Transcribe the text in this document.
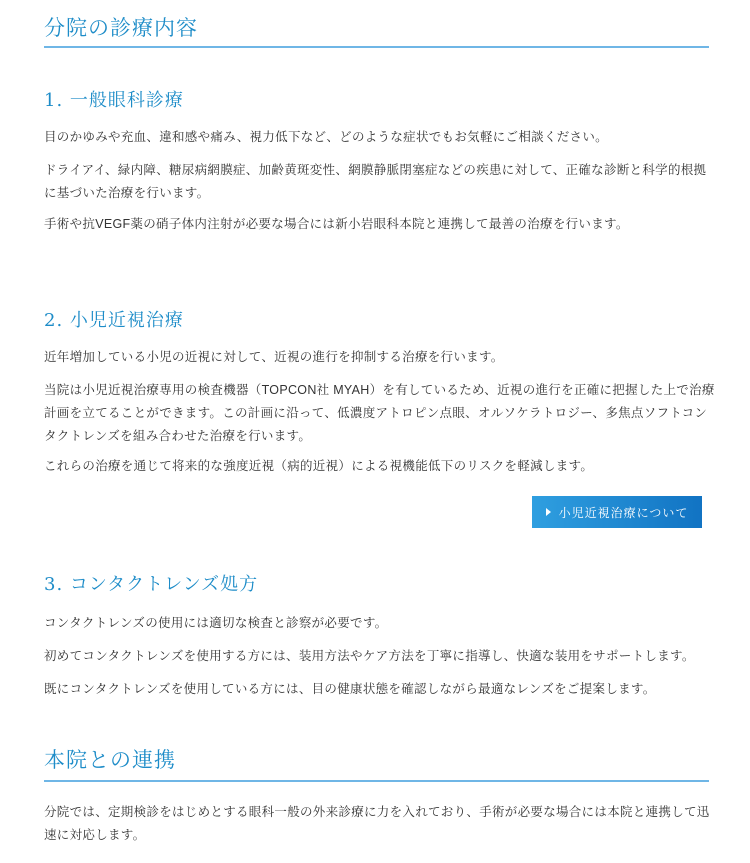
分院の診療内容
1. 一般眼科診療
目のかゆみや充血、違和感や痛み、視力低下など、どのような症状でもお気軽にご相談ください。
ドライアイ、緑内障、糖尿病網膜症、加齢黄斑変性、網膜静脈閉塞症などの疾患に対して、正確な診断と科学的根拠に基づいた治療を行います。
手術や抗VEGF薬の硝子体内注射が必要な場合には新小岩眼科本院と連携して最善の治療を行います。
2. 小児近視治療
近年増加している小児の近視に対して、近視の進行を抑制する治療を行います。
当院は小児近視治療専用の検査機器（TOPCON社 MYAH）を有しているため、近視の進行を正確に把握した上で治療計画を立てることができます。この計画に沿って、低濃度アトロピン点眼、オルソケラトロジー、多焦点ソフトコンタクトレンズを組み合わせた治療を行います。
これらの治療を通じて将来的な強度近視（病的近視）による視機能低下のリスクを軽減します。
小児近視治療について
3. コンタクトレンズ処方
コンタクトレンズの使用には適切な検査と診察が必要です。
初めてコンタクトレンズを使用する方には、装用方法やケア方法を丁寧に指導し、快適な装用をサポートします。
既にコンタクトレンズを使用している方には、目の健康状態を確認しながら最適なレンズをご提案します。
本院との連携
分院では、定期検診をはじめとする眼科一般の外来診療に力を入れており、手術が必要な場合には本院と連携して迅速に対応します。
